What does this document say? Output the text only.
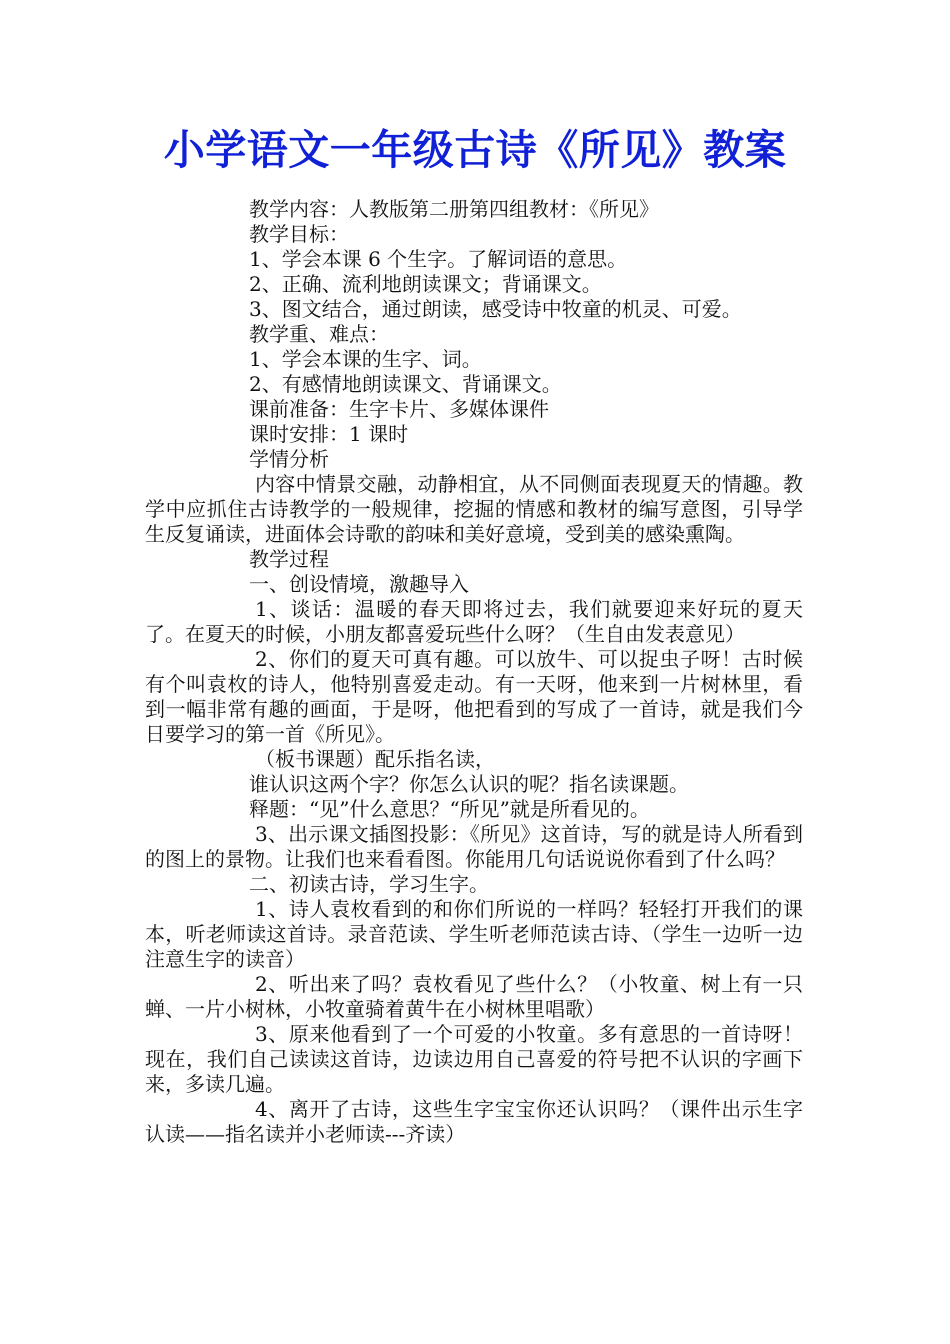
小学语文一年级古诗《所见》教案

教学内容：人教版第二册第四组教材：《所见》

教学目标：

1、学会本课 6 个生字。了解词语的意思。

2、正确、流利地朗读课文；背诵课文。

3、图文结合，通过朗读，感受诗中牧童的机灵、可爱。

教学重、难点：

1、学会本课的生字、词。

2、有感情地朗读课文、背诵课文。

课前准备：生字卡片、多媒体课件

课时安排：1 课时

学情分析

内容中情景交融，动静相宜，从不同侧面表现夏天的情趣。教学中应抓住古诗教学的一般规律，挖掘的情感和教材的编写意图，引导学生反复诵读，进面体会诗歌的韵味和美好意境，受到美的感染熏陶。

教学过程

一、创设情境，激趣导入

1、谈话：温暖的春天即将过去，我们就要迎来好玩的夏天了。在夏天的时候，小朋友都喜爱玩些什么呀？（生自由发表意见）

2、你们的夏天可真有趣。可以放牛、可以捉虫子呀！古时候有个叫袁枚的诗人，他特别喜爱走动。有一天呀，他来到一片树林里，看到一幅非常有趣的画面，于是呀，他把看到的写成了一首诗，就是我们今日要学习的第一首《所见》。

（板书课题）配乐指名读，

谁认识这两个字？你怎么认识的呢？指名读课题。

释题：“见”什么意思？“所见”就是所看见的。

3、出示课文插图投影：《所见》这首诗，写的就是诗人所看到的图上的景物。让我们也来看看图。你能用几句话说说你看到了什么吗？

二、初读古诗，学习生字。

1、诗人袁枚看到的和你们所说的一样吗？轻轻打开我们的课本，听老师读这首诗。录音范读、学生听老师范读古诗、（学生一边听一边注意生字的读音）

2、听出来了吗？袁枚看见了些什么？（小牧童、树上有一只蝉、一片小树林，小牧童骑着黄牛在小树林里唱歌）

3、原来他看到了一个可爱的小牧童。多有意思的一首诗呀！现在，我们自己读读这首诗，边读边用自己喜爱的符号把不认识的字画下来，多读几遍。

4、离开了古诗，这些生字宝宝你还认识吗？（课件出示生字认读——指名读并小老师读---齐读）
